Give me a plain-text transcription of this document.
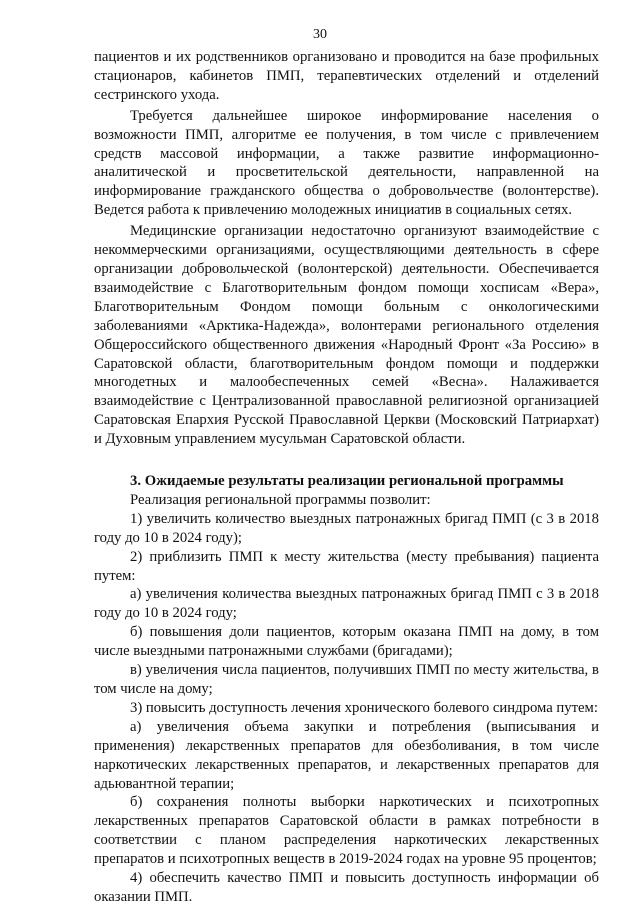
30

пациентов и их родственников организовано и проводится на базе профильных стационаров, кабинетов ПМП, терапевтических отделений и отделений сестринского ухода.

Требуется дальнейшее широкое информирование населения о возможности ПМП, алгоритме ее получения, в том числе с привлечением средств массовой информации, а также развитие информационно-аналитической и просветительской деятельности, направленной на информирование гражданского общества о добровольчестве (волонтерстве). Ведется работа к привлечению молодежных инициатив в социальных сетях.

Медицинские организации недостаточно организуют взаимодействие с некоммерческими организациями, осуществляющими деятельность в сфере организации добровольческой (волонтерской) деятельности. Обеспечивается взаимодействие с Благотворительным фондом помощи хосписам «Вера», Благотворительным Фондом помощи больным с онкологическими заболеваниями «Арктика-Надежда», волонтерами регионального отделения Общероссийского общественного движения «Народный Фронт «За Россию» в Саратовской области, благотворительным фондом помощи и поддержки многодетных и малообеспеченных семей «Весна». Налаживается взаимодействие с Централизованной православной религиозной организацией Саратовская Епархия Русской Православной Церкви (Московский Патриархат) и Духовным управлением мусульман Саратовской области.

3. Ожидаемые результаты реализации региональной программы

Реализация региональной программы позволит:

1) увеличить количество выездных патронажных бригад ПМП (с 3 в 2018 году до 10 в 2024 году);

2) приблизить ПМП к месту жительства (месту пребывания) пациента путем:

а) увеличения количества выездных патронажных бригад ПМП с 3 в 2018 году до 10 в 2024 году;

б) повышения доли пациентов, которым оказана ПМП на дому, в том числе выездными патронажными службами (бригадами);

в) увеличения числа пациентов, получивших ПМП по месту жительства, в том числе на дому;

3) повысить доступность лечения хронического болевого синдрома путем:

а) увеличения объема закупки и потребления (выписывания и применения) лекарственных препаратов для обезболивания, в том числе наркотических лекарственных препаратов, и лекарственных препаратов для адьювантной терапии;

б) сохранения полноты выборки наркотических и психотропных лекарственных препаратов Саратовской области в рамках потребности в соответствии с планом распределения наркотических лекарственных препаратов и психотропных веществ в 2019-2024 годах на уровне 95 процентов;

4) обеспечить качество ПМП и повысить доступность информации об оказании ПМП.
